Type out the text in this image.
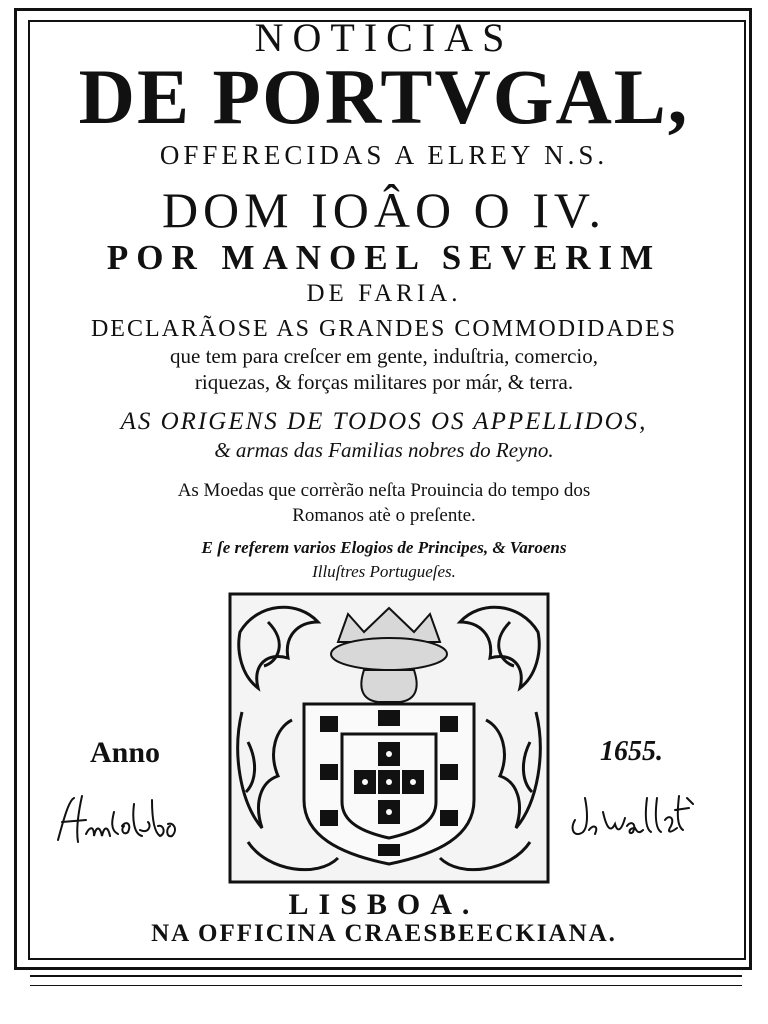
NOTICIAS
DE PORTVGAL,
OFFERECIDAS A ELREY N.S.
DOM IOÂO O IV.
POR MANOEL SEVERIM
DE FARIA.
DECLARÃOSE AS GRANDES COMMODIDADES
que tem para creſcer em gente, induſtria, comercio,
riquezas, & forças militares por már, & terra.
AS ORIGENS DE TODOS OS APPELLIDOS,
& armas das Familias nobres do Reyno.
As Moedas que corrèrão neſta Prouincia do tempo dos
Romanos atè o preſente.
E ſe referem varios Elogios de Principes, & Varoens
Illuſtres Portugueſes.
Anno	1655.
LISBOA.
NA OFFICINA CRAESBEECKIANA.
